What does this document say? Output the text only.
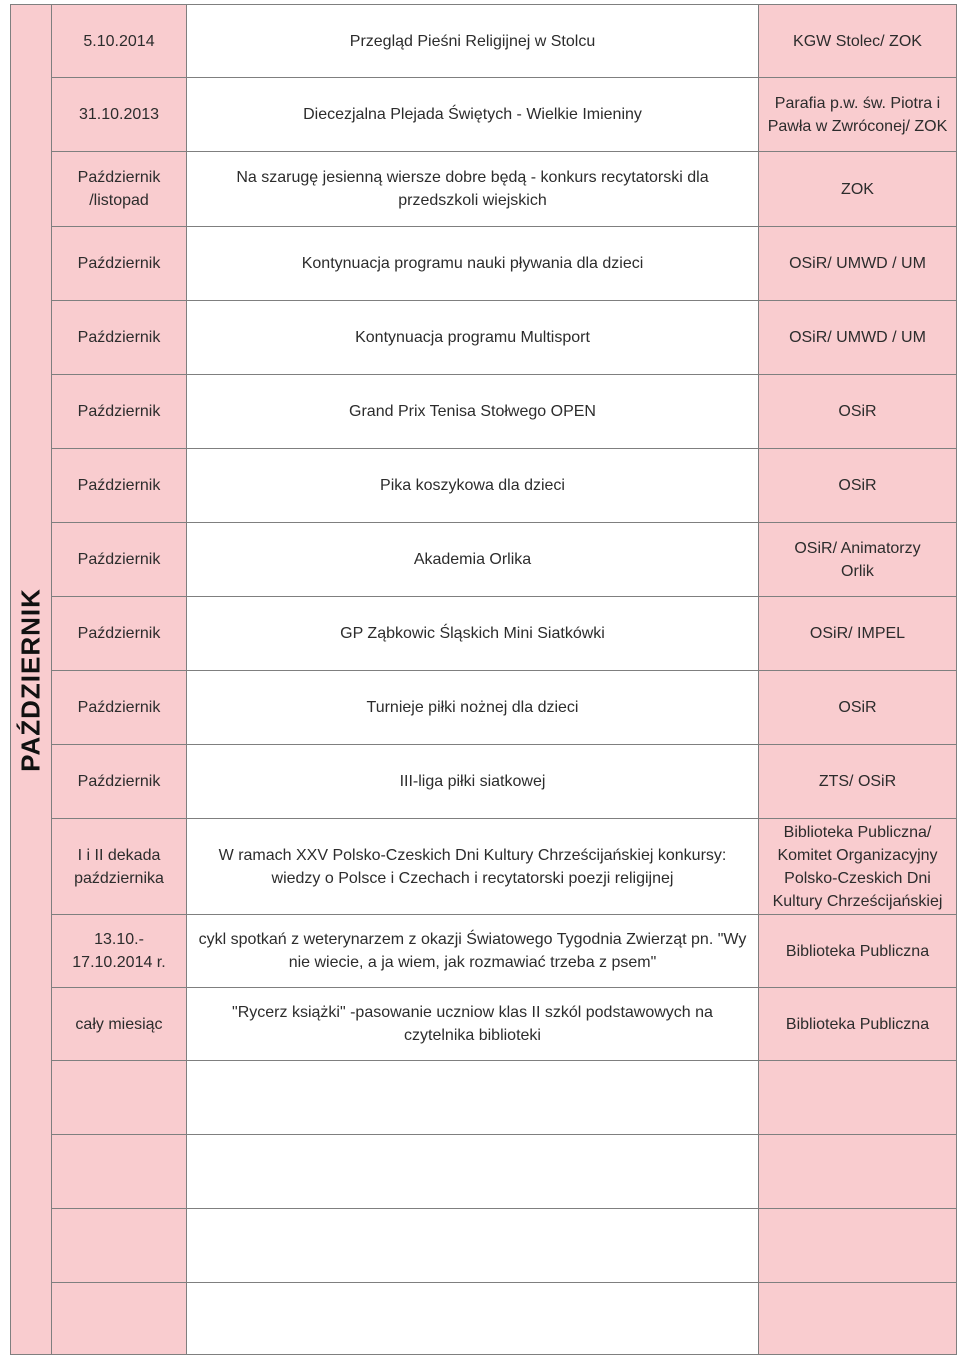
PAŹDZIERNIK	5.10.2014	Przegląd Pieśni Religijnej w Stolcu	KGW Stolec/ ZOK
	31.10.2013	Diecezjalna Plejada Świętych - Wielkie Imieniny	Parafia p.w. św. Piotra i Pawła w Zwróconej/ ZOK
	Październik /listopad	Na szarugę jesienną wiersze dobre będą - konkurs recytatorski dla przedszkoli wiejskich	ZOK
	Październik	Kontynuacja programu nauki pływania dla dzieci	OSiR/ UMWD / UM
	Październik	Kontynuacja programu Multisport	OSiR/ UMWD / UM
	Październik	Grand Prix Tenisa Stołwego OPEN	OSiR
	Październik	Pika koszykowa dla dzieci	OSiR
	Październik	Akademia Orlika	OSiR/ Animatorzy Orlik
	Październik	GP Ząbkowic Śląskich Mini Siatkówki	OSiR/ IMPEL
	Październik	Turnieje piłki nożnej dla dzieci	OSiR
	Październik	III-liga piłki siatkowej	ZTS/ OSiR
	I i II dekada października	W ramach XXV Polsko-Czeskich Dni Kultury Chrześcijańskiej konkursy: wiedzy o Polsce i Czechach i recytatorski poezji religijnej	Biblioteka Publiczna/ Komitet Organizacyjny Polsko-Czeskich Dni Kultury Chrześcijańskiej
	13.10.- 17.10.2014 r.	cykl spotkań z weterynarzem z okazji Światowego Tygodnia Zwierząt pn. "Wy nie wiecie, a ja wiem, jak rozmawiać trzeba z psem"	Biblioteka Publiczna
	cały miesiąc	"Rycerz książki" -pasowanie uczniow klas II szkól podstawowych na czytelnika biblioteki	Biblioteka Publiczna
